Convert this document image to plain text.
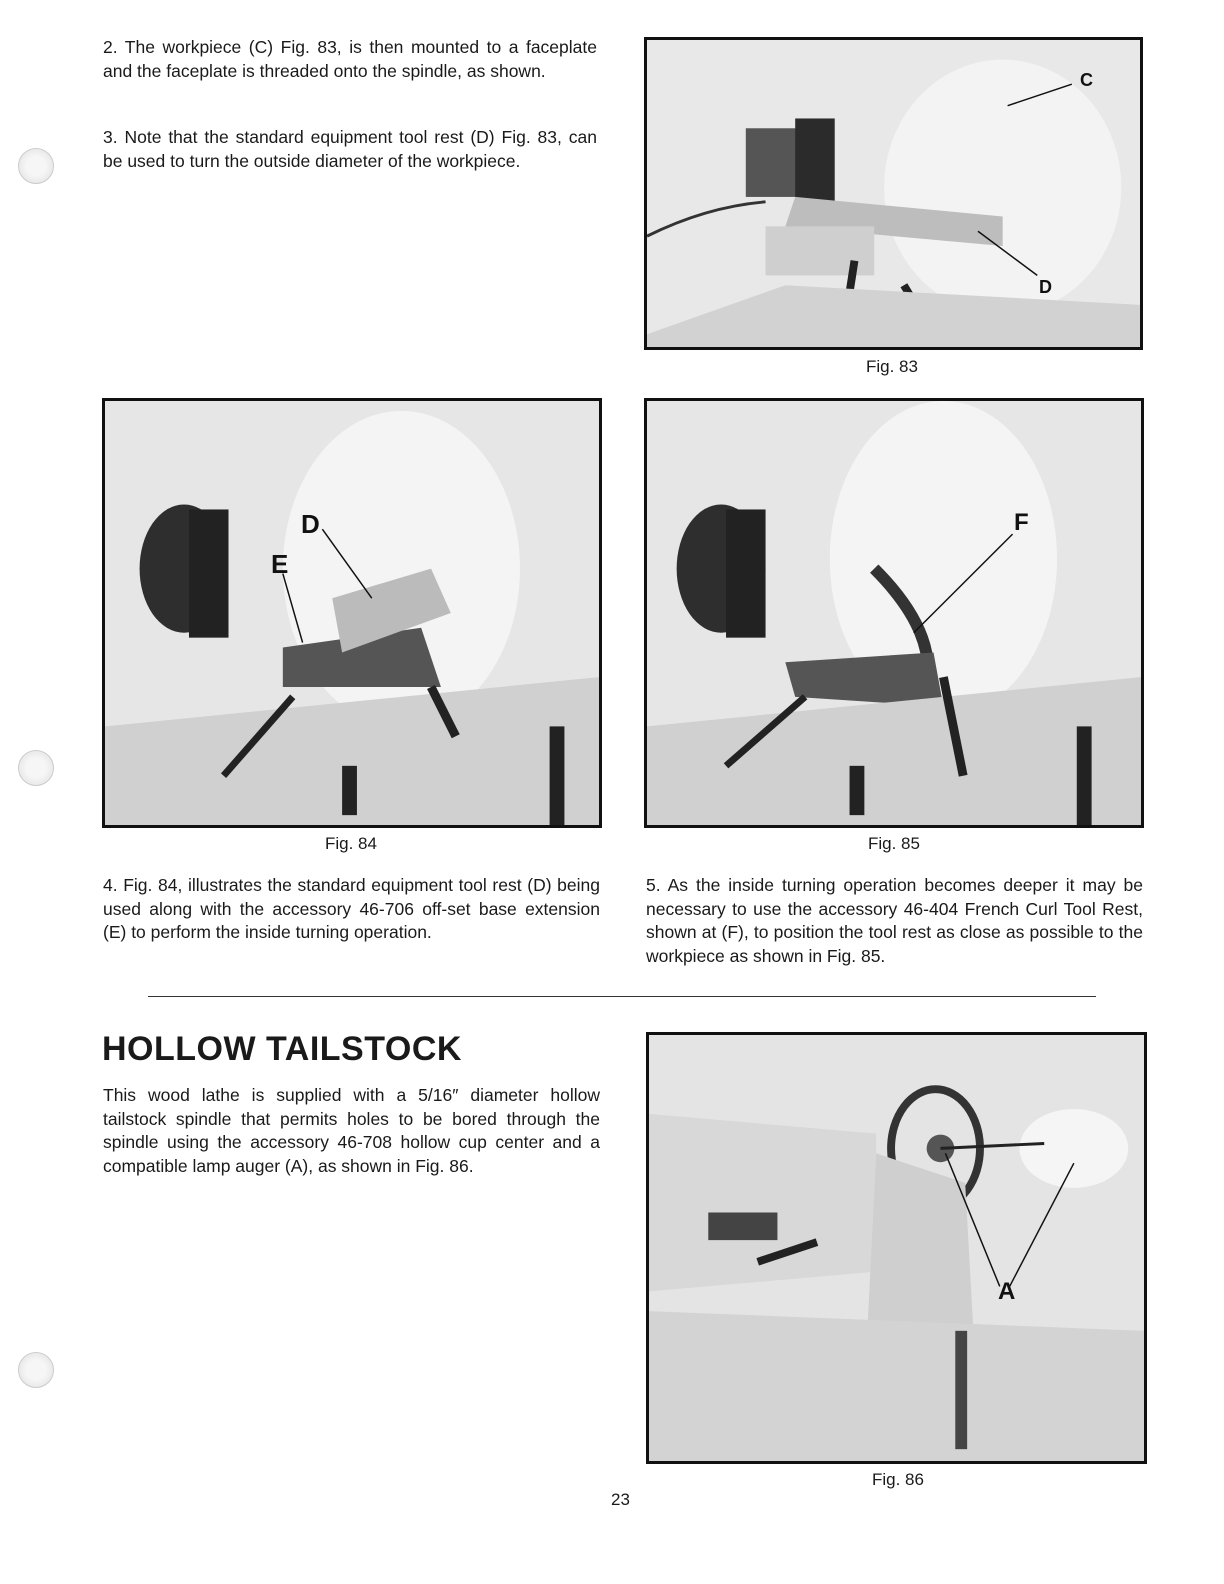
2. The workpiece (C) Fig. 83, is then mounted to a faceplate and the faceplate is threaded onto the spindle, as shown.

3. Note that the standard equipment tool rest (D) Fig. 83, can be used to turn the outside diameter of the workpiece.

C
D
Fig. 83
D
E
Fig. 84
F
Fig. 85

4. Fig. 84, illustrates the standard equipment tool rest (D) being used along with the accessory 46-706 off-set base extension (E) to perform the inside turning operation.

5. As the inside turning operation becomes deeper it may be necessary to use the accessory 46-404 French Curl Tool Rest, shown at (F), to position the tool rest as close as possible to the workpiece as shown in Fig. 85.

HOLLOW TAILSTOCK

This wood lathe is supplied with a 5/16″ diameter hollow tailstock spindle that permits holes to be bored through the spindle using the accessory 46-708 hollow cup center and a compatible lamp auger (A), as shown in Fig. 86.

A
Fig. 86
23
